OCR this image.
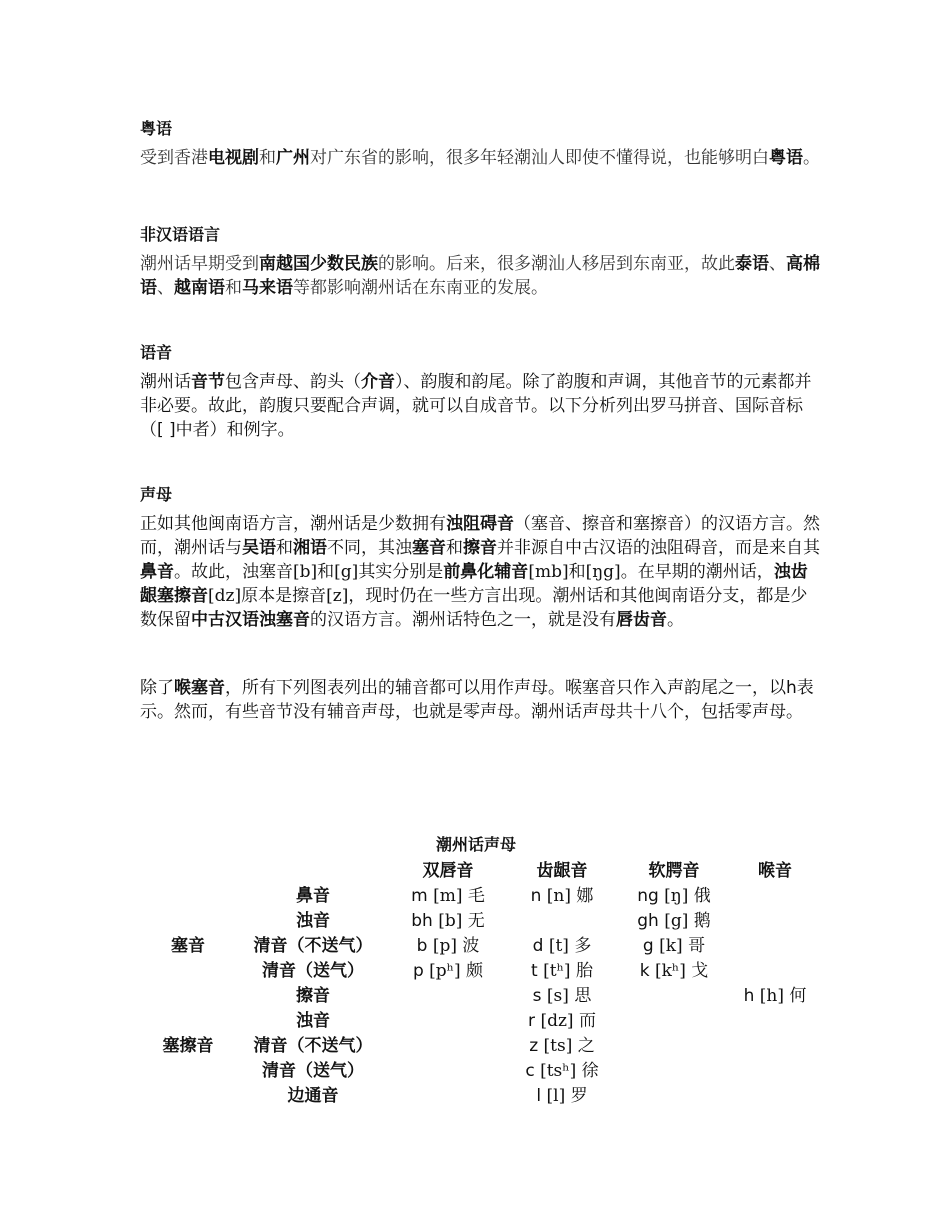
粤语

受到香港电视剧和广州对广东省的影响，很多年轻潮汕人即使不懂得说，也能够明白粤语。

非汉语语言

潮州话早期受到南越国少数民族的影响。后来，很多潮汕人移居到东南亚，故此泰语、高棉语、越南语和马来语等都影响潮州话在东南亚的发展。

语音

潮州话音节包含声母、韵头（介音）、韵腹和韵尾。除了韵腹和声调，其他音节的元素都并非必要。故此，韵腹只要配合声调，就可以自成音节。以下分析列出罗马拼音、国际音标（[ ]中者）和例字。

声母

正如其他闽南语方言，潮州话是少数拥有浊阻碍音（塞音、擦音和塞擦音）的汉语方言。然而，潮州话与吴语和湘语不同，其浊塞音和擦音并非源自中古汉语的浊阻碍音，而是来自其鼻音。故此，浊塞音[b]和[g]其实分别是前鼻化辅音[mb]和[ŋg]。在早期的潮州话，浊齿龈塞擦音[dz]原本是擦音[z]，现时仍在一些方言出现。潮州话和其他闽南语分支，都是少数保留中古汉语浊塞音的汉语方言。潮州话特色之一，就是没有唇齿音。

除了喉塞音，所有下列图表列出的辅音都可以用作声母。喉塞音只作入声韵尾之一，以h表示。然而，有些音节没有辅音声母，也就是零声母。潮州话声母共十八个，包括零声母。

潮州话声母
		双唇音	齿龈音	软腭音	喉音
	鼻音	m [m] 毛	n [n] 娜	ng [ŋ] 俄	
	浊音	bh [b] 无		gh [g] 鹅	
塞音	清音（不送气）	b [p] 波	d [t] 多	g [k] 哥	
	清音（送气）	p [pʰ] 颇	t [tʰ] 胎	k [kʰ] 戈	
	擦音		s [s] 思		h [h] 何
	浊音		r [dz] 而		
塞擦音	清音（不送气）		z [ts] 之		
	清音（送气）		c [tsʰ] 徐		
	边通音		l [l] 罗		
